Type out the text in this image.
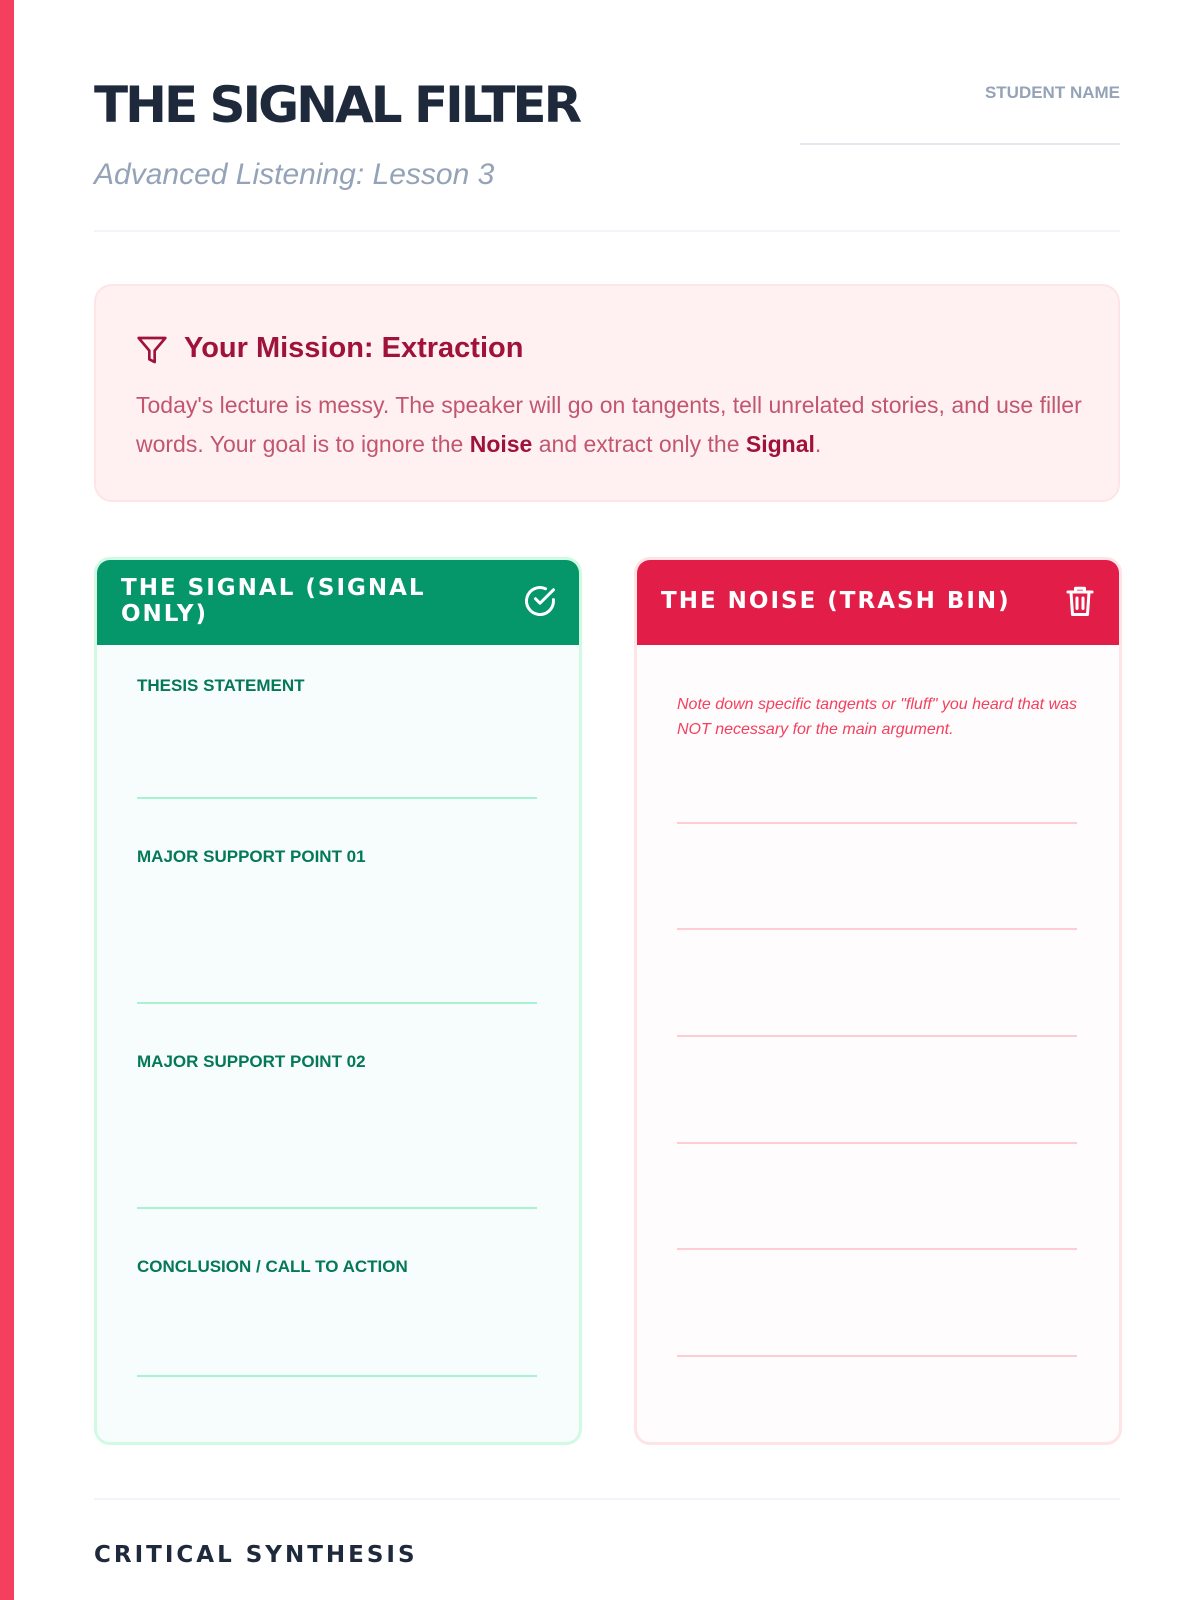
THE SIGNAL FILTER

Advanced Listening: Lesson 3

STUDENT NAME
Your Mission: Extraction

Today's lecture is messy. The speaker will go on tangents, tell unrelated stories, and use filler words. Your goal is to ignore the Noise and extract only the Signal.

THE SIGNAL (SIGNAL ONLY)
THESIS STATEMENT
MAJOR SUPPORT POINT 01
MAJOR SUPPORT POINT 02
CONCLUSION / CALL TO ACTION
THE NOISE (TRASH BIN)

Note down specific tangents or "fluff" you heard that was NOT necessary for the main argument.

CRITICAL SYNTHESIS
